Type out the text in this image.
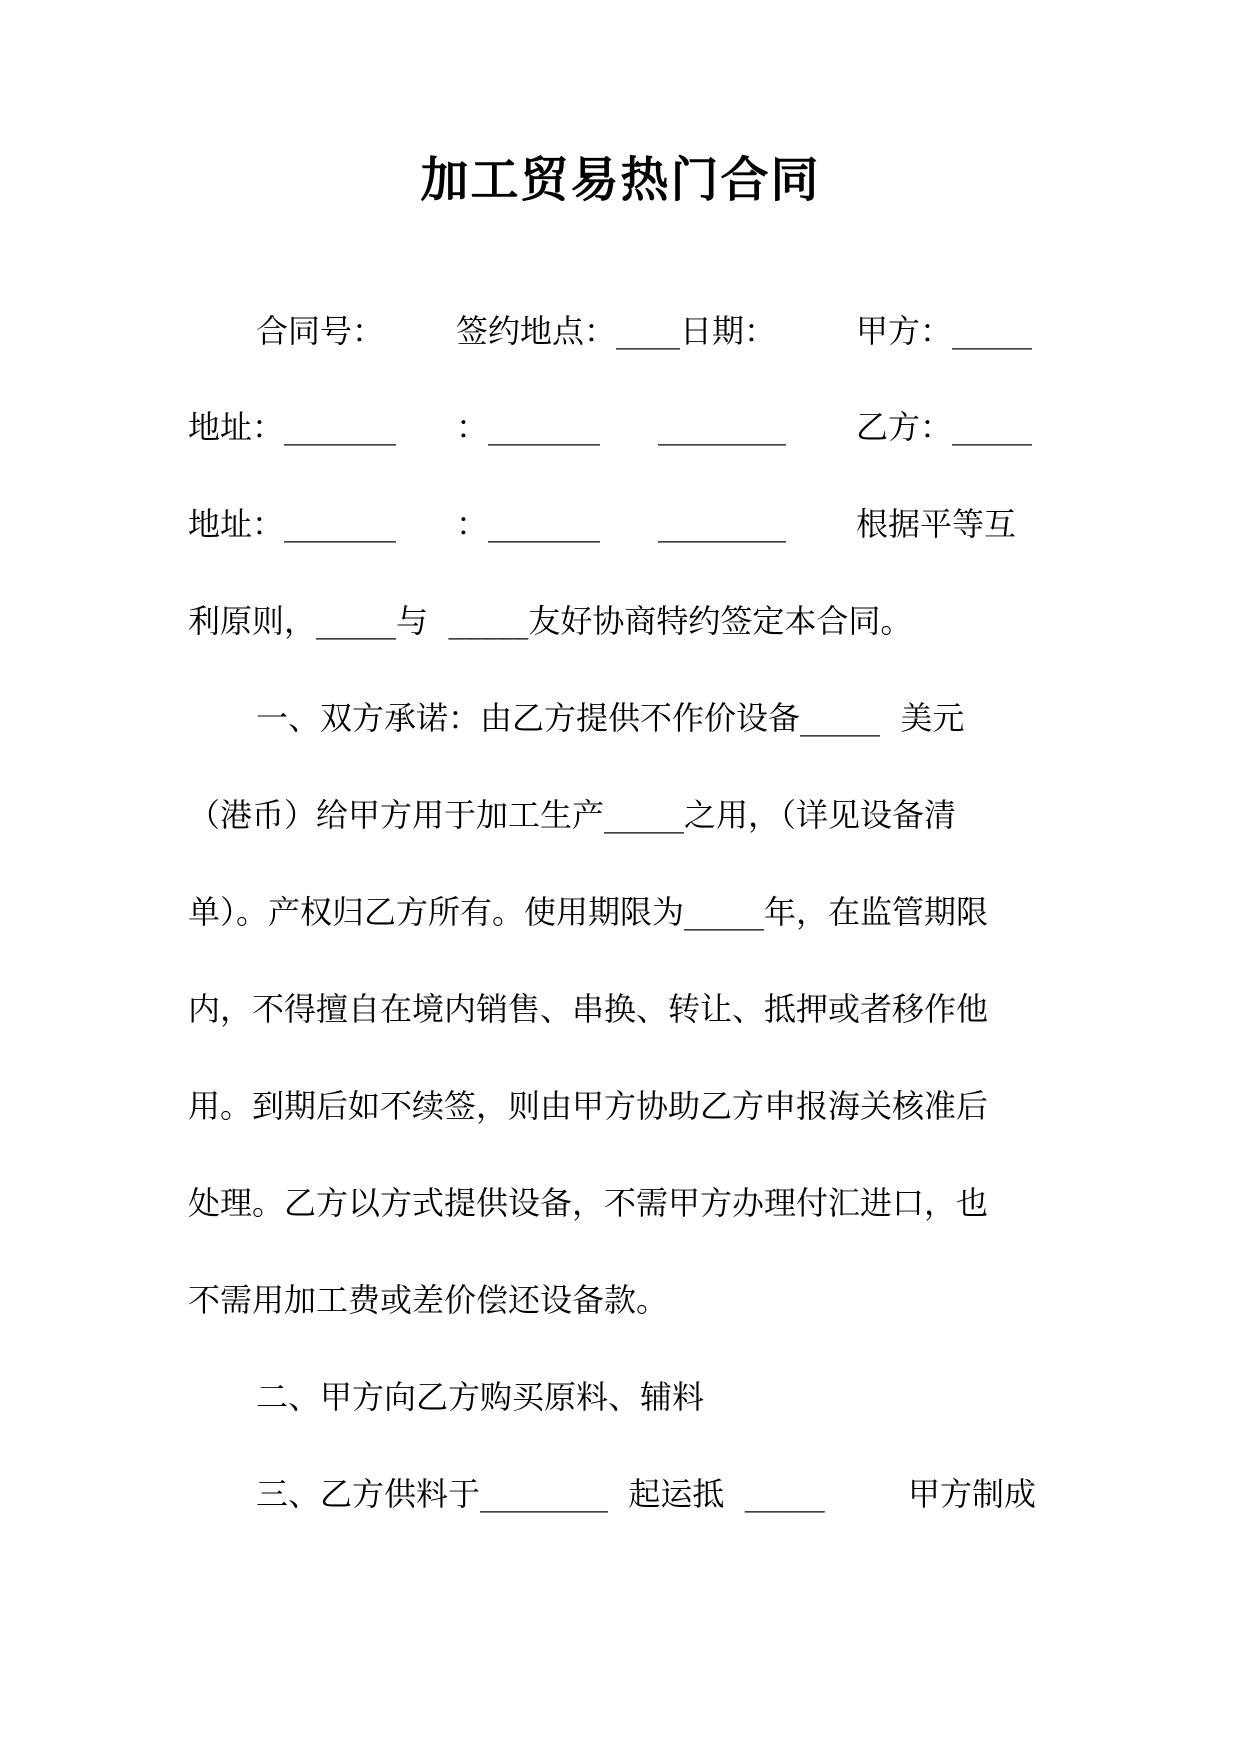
加工贸易热门合同

合同号：

签约地点：____日期：

甲方：_____

地址：_______

：_______

________

乙方：_____

地址：_______

：_______

________

根据平等互

利原则，_____与  _____友好协商特约签定本合同。
一、双方承诺：由乙方提供不作价设备_____  美元
（港币）给甲方用于加工生产_____之用，（详见设备清
单）。产权归乙方所有。使用期限为_____年，在监管期限
内，不得擅自在境内销售、串换、转让、抵押或者移作他
用。到期后如不续签，则由甲方协助乙方申报海关核准后
处理。乙方以方式提供设备，不需甲方办理付汇进口，也
不需用加工费或差价偿还设备款。
二、甲方向乙方购买原料、辅料

三、乙方供料于________  起运抵  _____

	甲方制成
